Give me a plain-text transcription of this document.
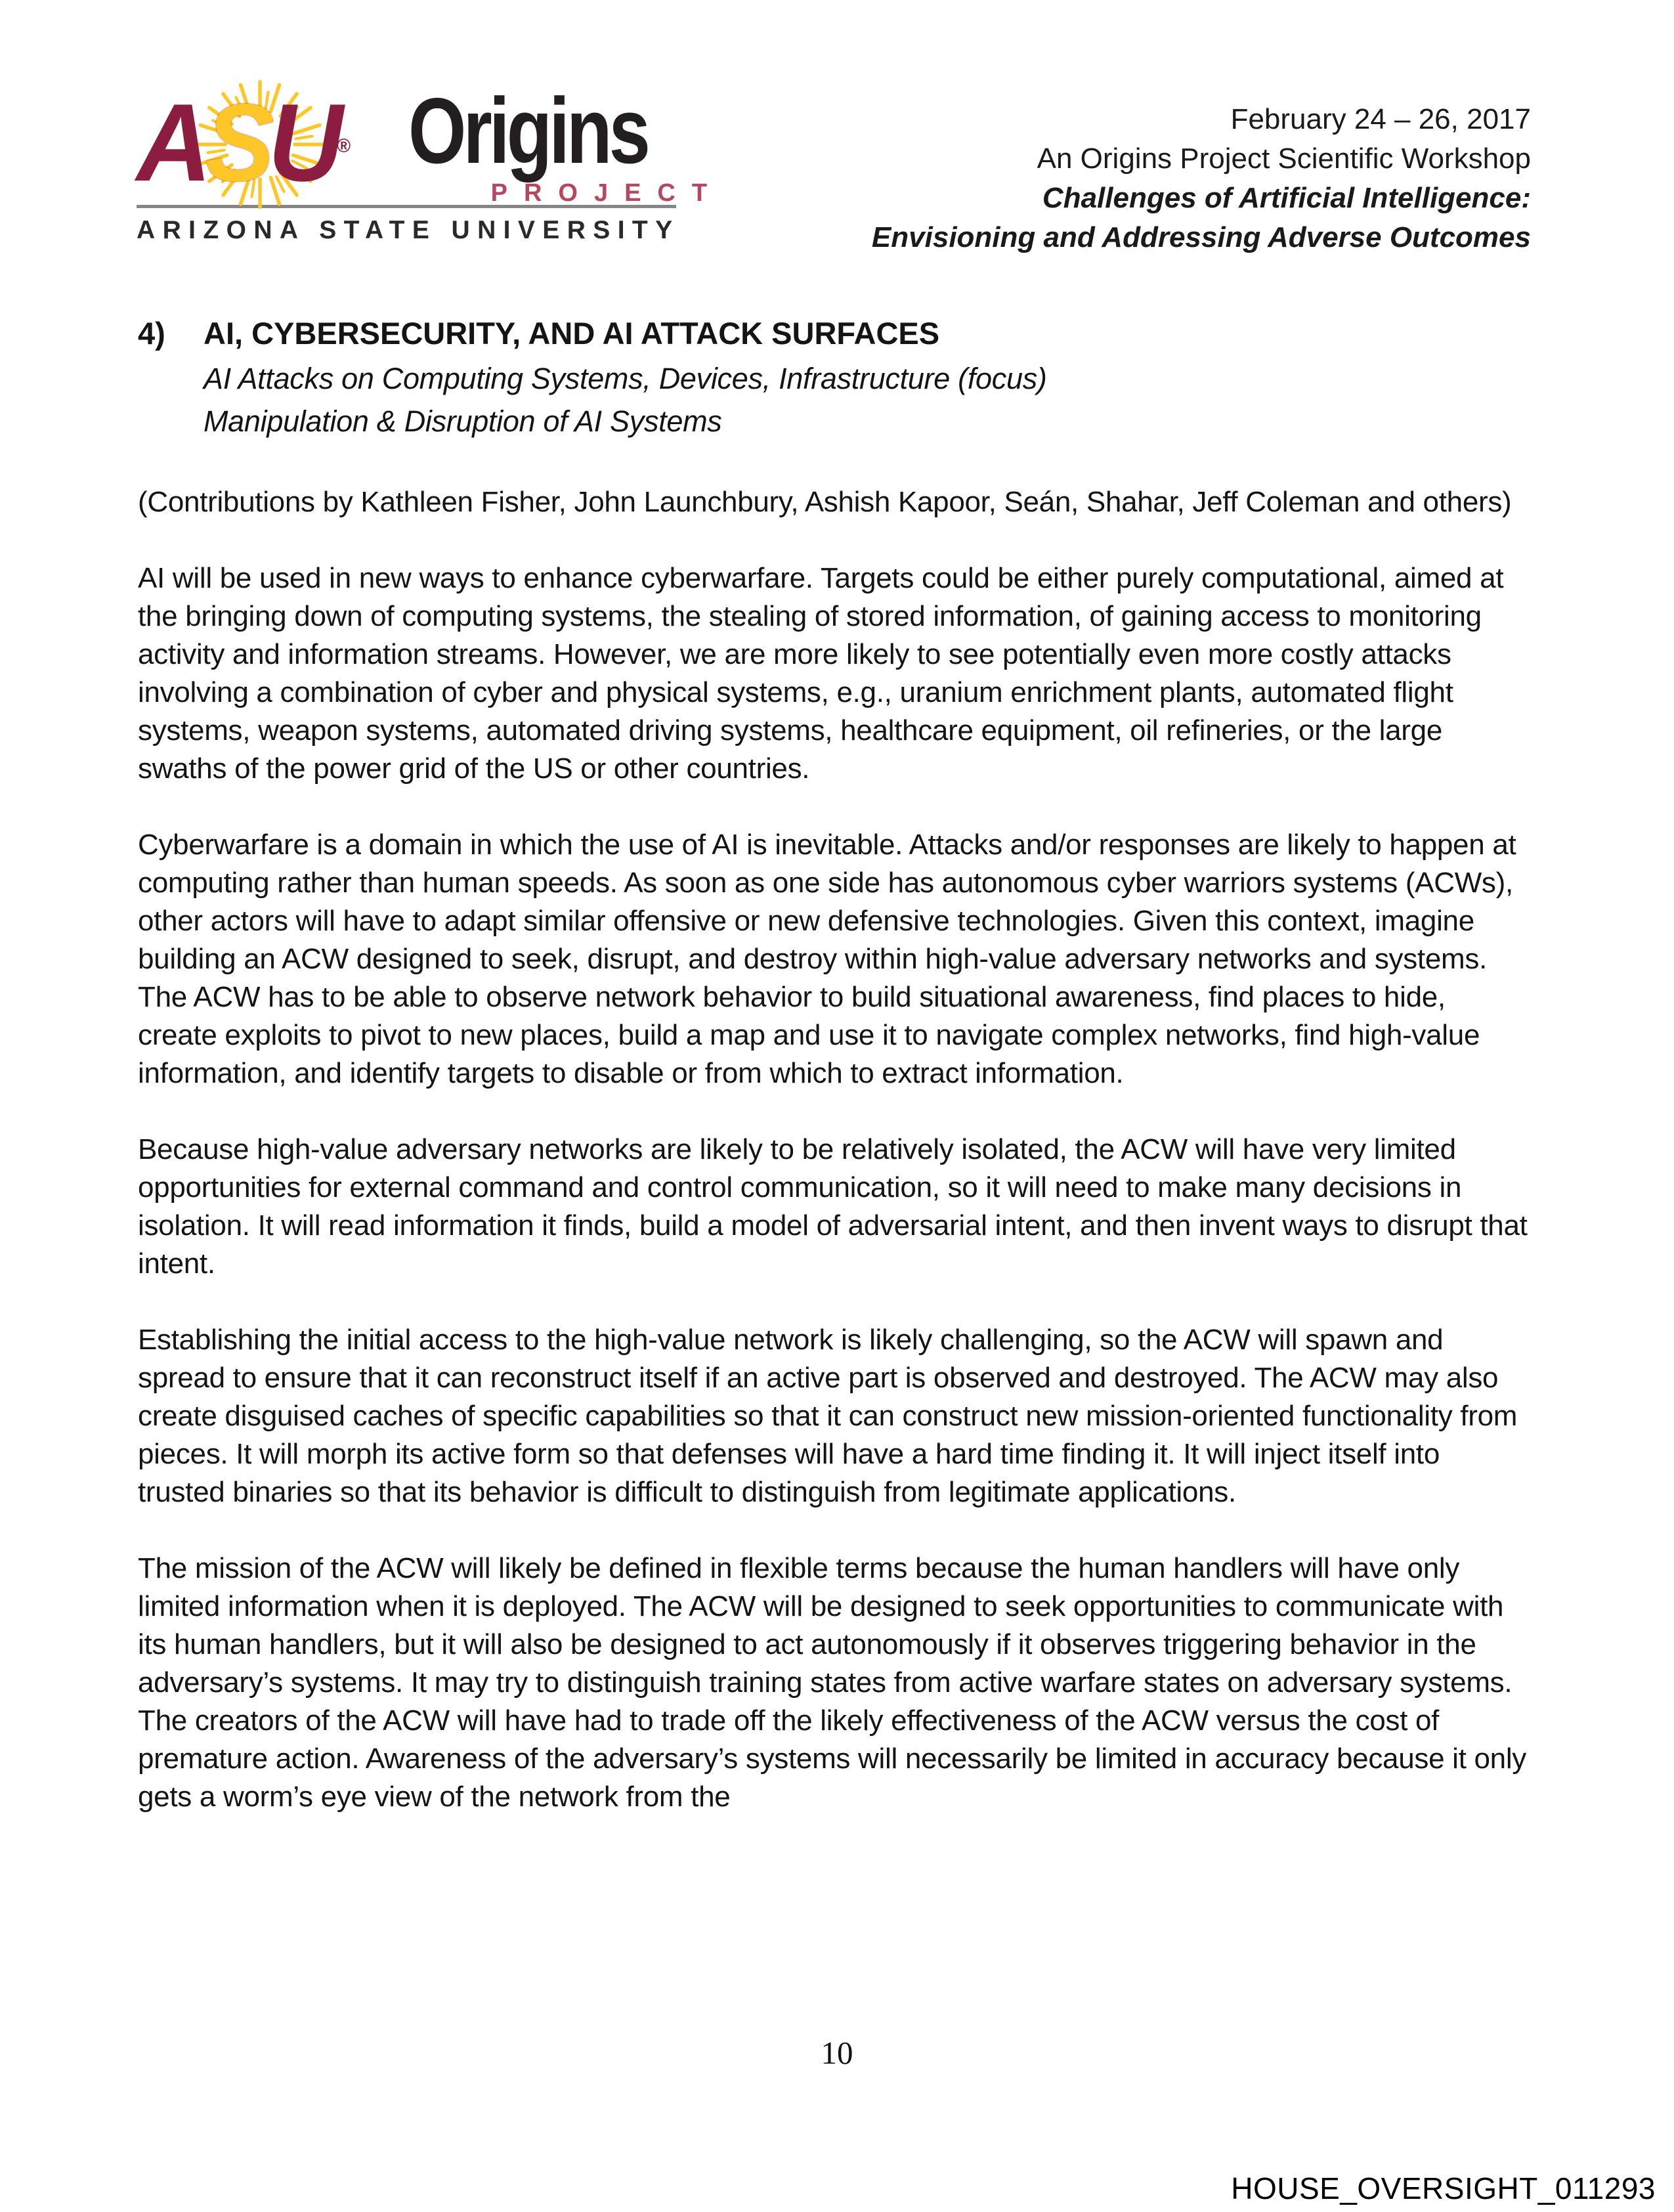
A S U ® Origins
PROJECT
ARIZONA STATE UNIVERSITY
February 24 – 26, 2017
An Origins Project Scientific Workshop
Challenges of Artificial Intelligence:
Envisioning and Addressing Adverse Outcomes
4)	AI, CYBERSECURITY, AND AI ATTACK SURFACES
AI Attacks on Computing Systems, Devices, Infrastructure (focus)
Manipulation & Disruption of AI Systems

(Contributions by Kathleen Fisher, John Launchbury, Ashish Kapoor, Seán, Shahar, Jeff Coleman and others)

AI will be used in new ways to enhance cyberwarfare. Targets could be either purely computational, aimed at the bringing down of computing systems, the stealing of stored information, of gaining access to monitoring activity and information streams. However, we are more likely to see potentially even more costly attacks involving a combination of cyber and physical systems, e.g., uranium enrichment plants, automated flight systems, weapon systems, automated driving systems, healthcare equipment, oil refineries, or the large swaths of the power grid of the US or other countries.

Cyberwarfare is a domain in which the use of AI is inevitable. Attacks and/or responses are likely to happen at computing rather than human speeds. As soon as one side has autonomous cyber warriors systems (ACWs), other actors will have to adapt similar offensive or new defensive technologies. Given this context, imagine building an ACW designed to seek, disrupt, and destroy within high-value adversary networks and systems. The ACW has to be able to observe network behavior to build situational awareness, find places to hide, create exploits to pivot to new places, build a map and use it to navigate complex networks, find high-value information, and identify targets to disable or from which to extract information.

Because high-value adversary networks are likely to be relatively isolated, the ACW will have very limited opportunities for external command and control communication, so it will need to make many decisions in isolation. It will read information it finds, build a model of adversarial intent, and then invent ways to disrupt that intent.

Establishing the initial access to the high-value network is likely challenging, so the ACW will spawn and spread to ensure that it can reconstruct itself if an active part is observed and destroyed. The ACW may also create disguised caches of specific capabilities so that it can construct new mission-oriented functionality from pieces. It will morph its active form so that defenses will have a hard time finding it. It will inject itself into trusted binaries so that its behavior is difficult to distinguish from legitimate applications.

The mission of the ACW will likely be defined in flexible terms because the human handlers will have only limited information when it is deployed. The ACW will be designed to seek opportunities to communicate with its human handlers, but it will also be designed to act autonomously if it observes triggering behavior in the adversary’s systems. It may try to distinguish training states from active warfare states on adversary systems. The creators of the ACW will have had to trade off the likely effectiveness of the ACW versus the cost of premature action. Awareness of the adversary’s systems will necessarily be limited in accuracy because it only gets a worm’s eye view of the network from the

10
HOUSE_OVERSIGHT_011293
